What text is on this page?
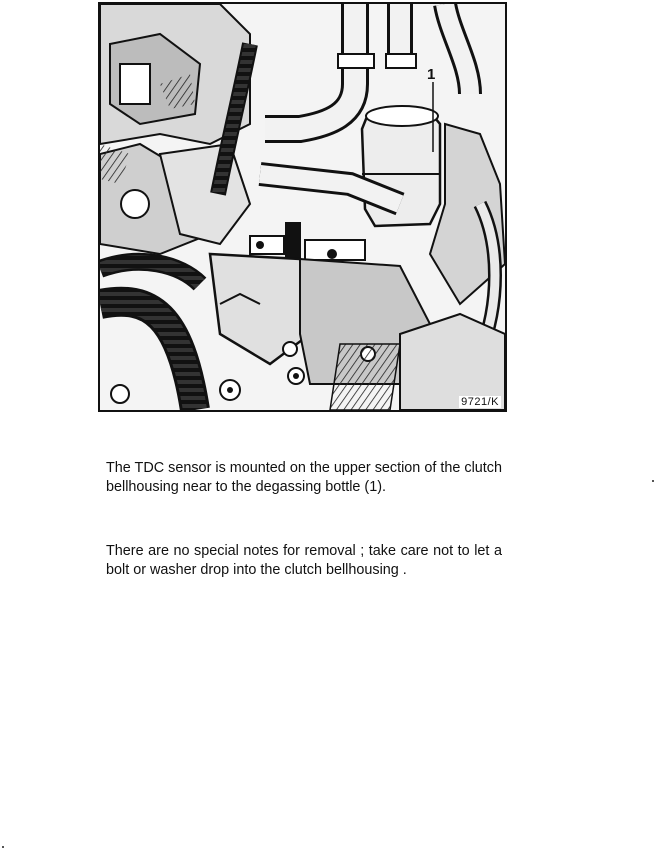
1
9721/K

The TDC sensor is mounted on the upper section of the clutch bellhousing near to the degassing bottle (1).

There are no special notes for removal ; take care not to let a bolt or washer drop into the clutch bellhousing .
